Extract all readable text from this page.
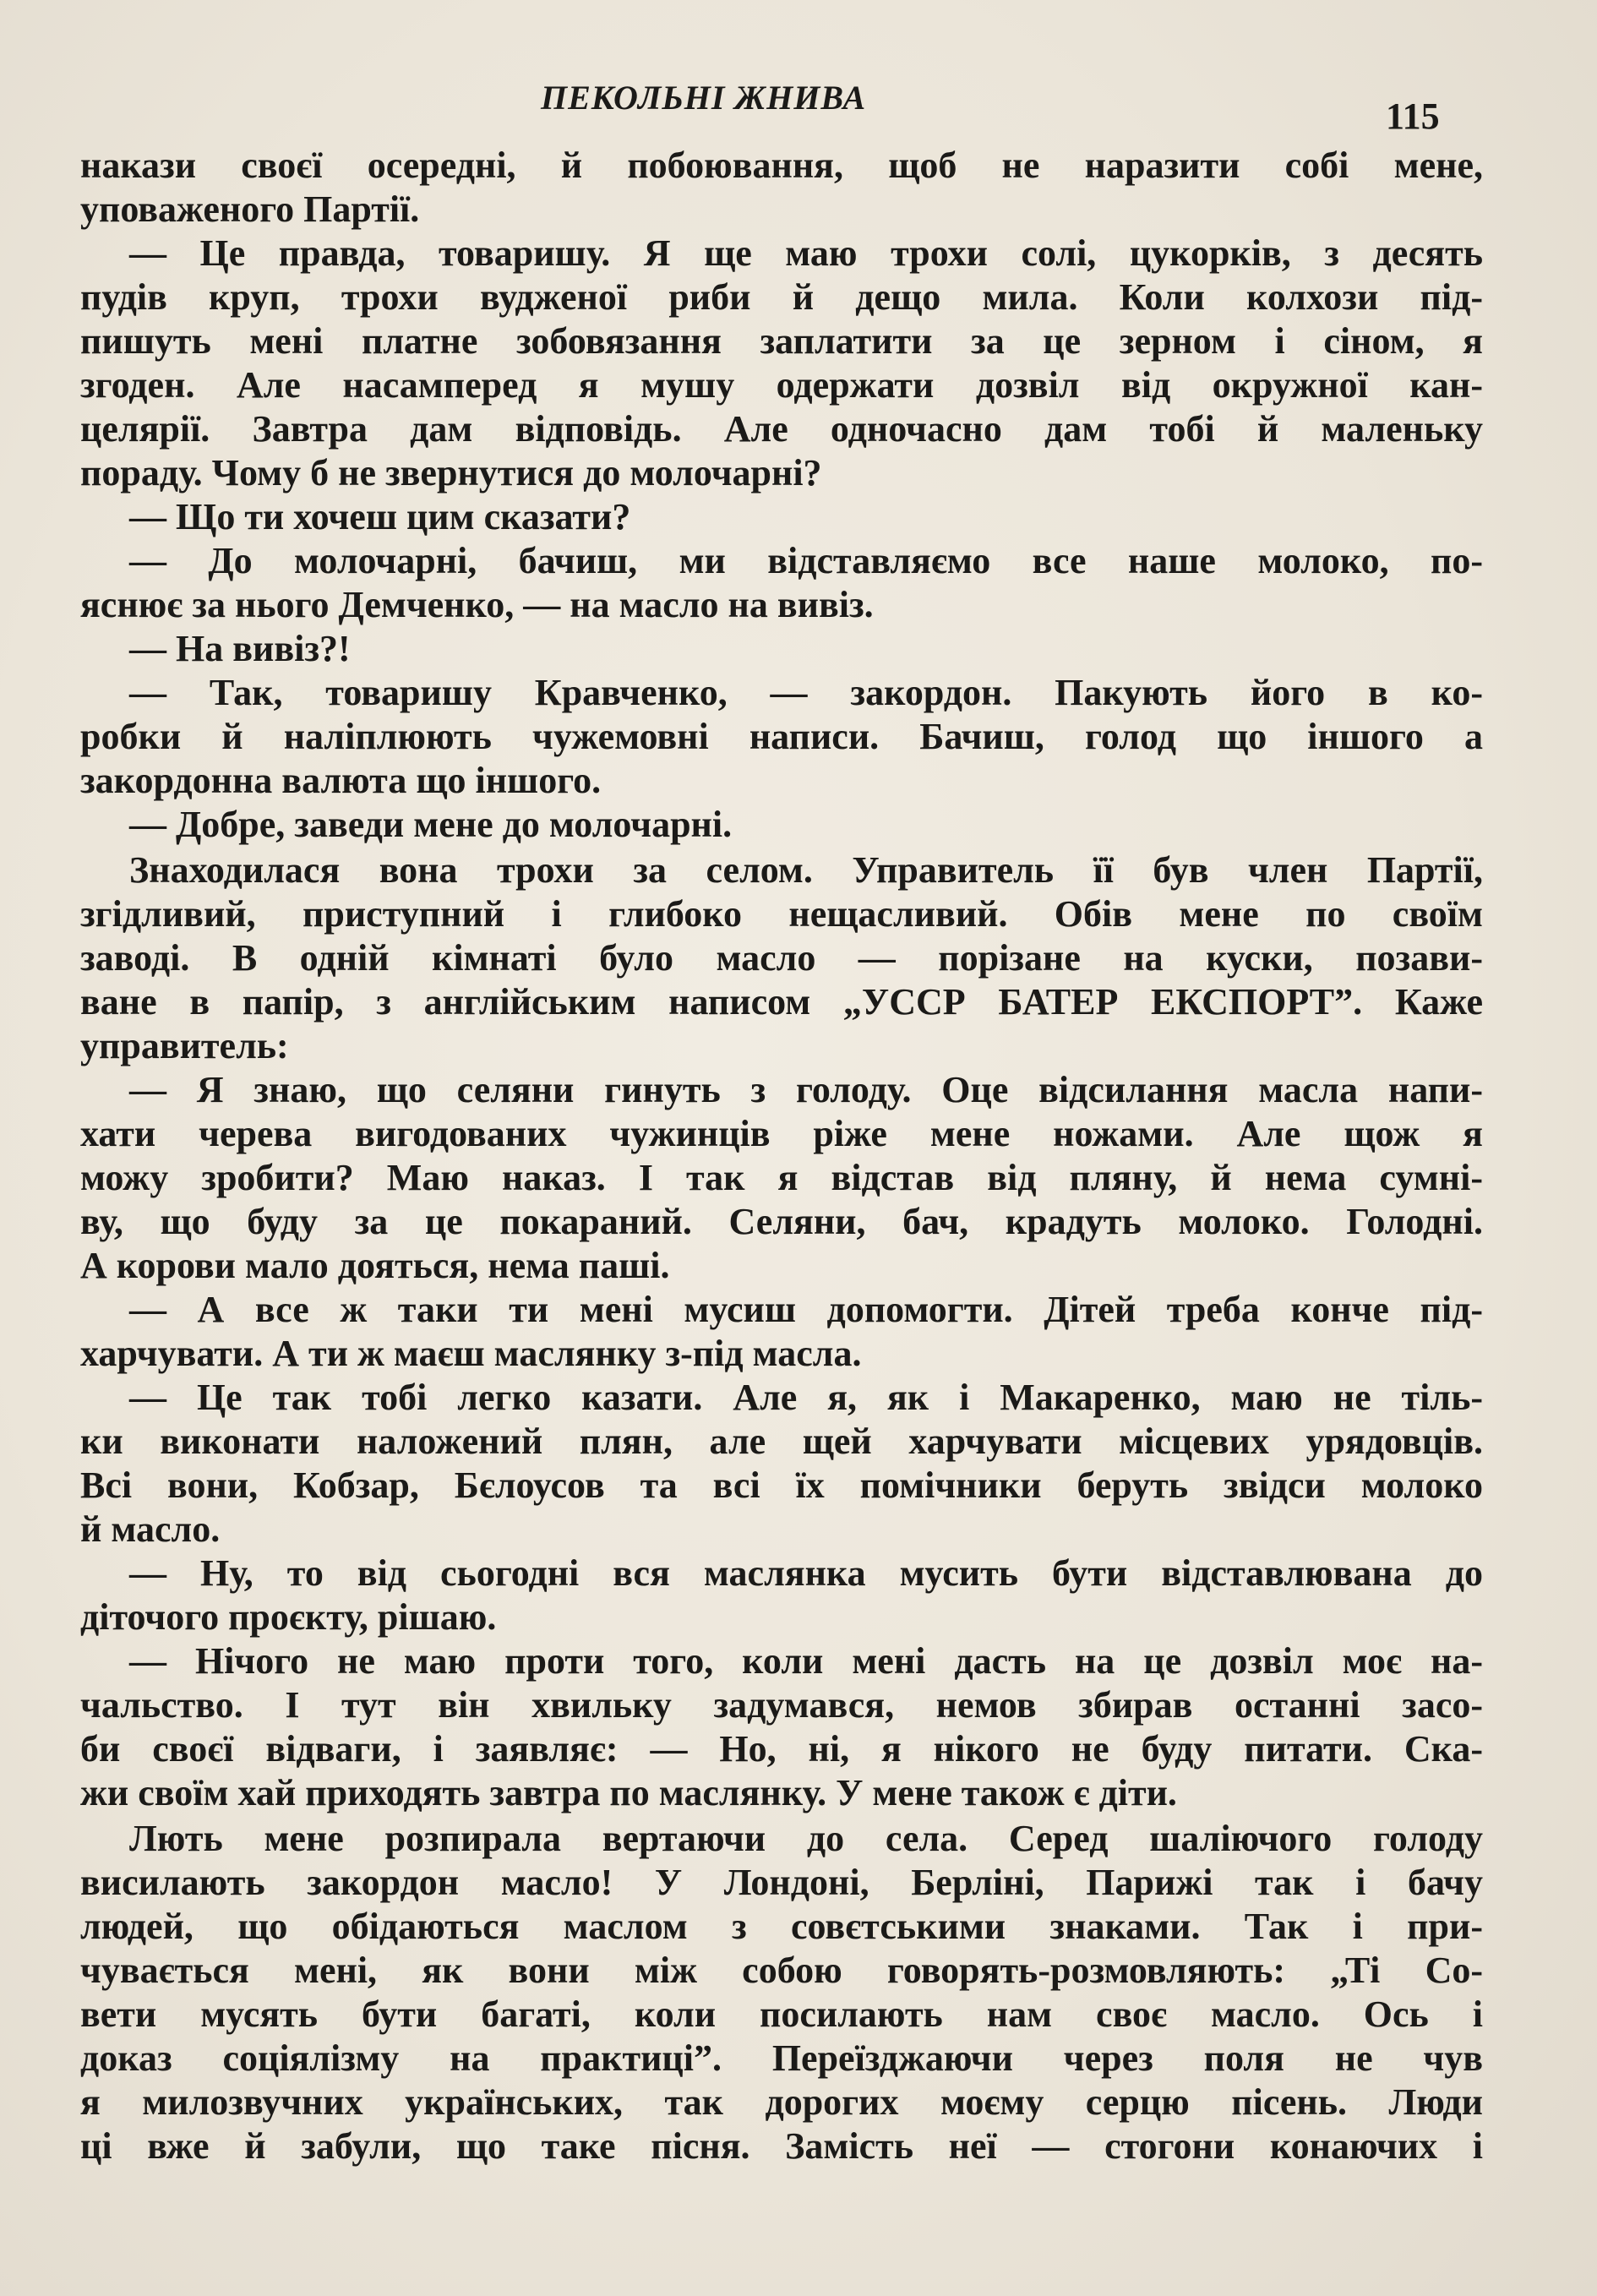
ПЕКОЛЬНІ ЖНИВА	115
накази своєї осередні, й побоювання, щоб не наразити собі мене,
уповаженого Партії.
— Це правда, товаришу. Я ще маю трохи солі, цукорків, з десять
пудів круп, трохи вудженої риби й дещо мила. Коли колхози під-
пишуть мені платне зобовязання заплатити за це зерном і сіном, я
згоден. Але насамперед я мушу одержати дозвіл від окружної кан-
целярії. Завтра дам відповідь. Але одночасно дам тобі й маленьку
пораду. Чому б не звернутися до молочарні?
— Що ти хочеш цим сказати?
— До молочарні, бачиш, ми відставляємо все наше молоко, по-
яснює за нього Демченко, — на масло на вивіз.
— На вивіз?!
— Так, товаришу Кравченко, — закордон. Пакують його в ко-
робки й наліплюють чужемовні написи. Бачиш, голод що іншого а
закордонна валюта що іншого.
— Добре, заведи мене до молочарні.
Знаходилася вона трохи за селом. Управитель її був член Партії,
згідливий, приступний і глибоко нещасливий. Обів мене по своїм
заводі. В одній кімнаті було масло — порізане на куски, позави-
ване в папір, з англійським написом „УССР БАТЕР ЕКСПОРТ”. Каже
управитель:
— Я знаю, що селяни гинуть з голоду. Оце відсилання масла напи-
хати черева вигодованих чужинців ріже мене ножами. Але щож я
можу зробити? Маю наказ. І так я відстав від пляну, й нема сумні-
ву, що буду за це покараний. Селяни, бач, крадуть молоко. Голодні.
А корови мало дояться, нема паші.
— А все ж таки ти мені мусиш допомогти. Дітей треба конче під-
харчувати. А ти ж маєш маслянку з-під масла.
— Це так тобі легко казати. Але я, як і Макаренко, маю не тіль-
ки виконати наложений плян, але щей харчувати місцевих урядовців.
Всі вони, Кобзар, Бєлоусов та всі їх помічники беруть звідси молоко
й масло.
— Ну, то від сьогодні вся маслянка мусить бути відставлювана до
діточого проєкту, рішаю.
— Нічого не маю проти того, коли мені дасть на це дозвіл моє на-
чальство. І тут він хвильку задумався, немов збирав останні засо-
би своєї відваги, і заявляє: — Но, ні, я нікого не буду питати. Ска-
жи своїм хай приходять завтра по маслянку. У мене також є діти.
Лють мене розпирала вертаючи до села. Серед шаліючого голоду
висилають закордон масло! У Лондоні, Берліні, Парижі так і бачу
людей, що обідаються маслом з совєтськими знаками. Так і при-
чувається мені, як вони між собою говорять-розмовляють: „Ті Со-
вети мусять бути багаті, коли посилають нам своє масло. Ось і
доказ соціялізму на практиці”. Переїзджаючи через поля не чув
я милозвучних українських, так дорогих моєму серцю пісень. Люди
ці вже й забули, що таке пісня. Замість неї — стогони конаючих і
